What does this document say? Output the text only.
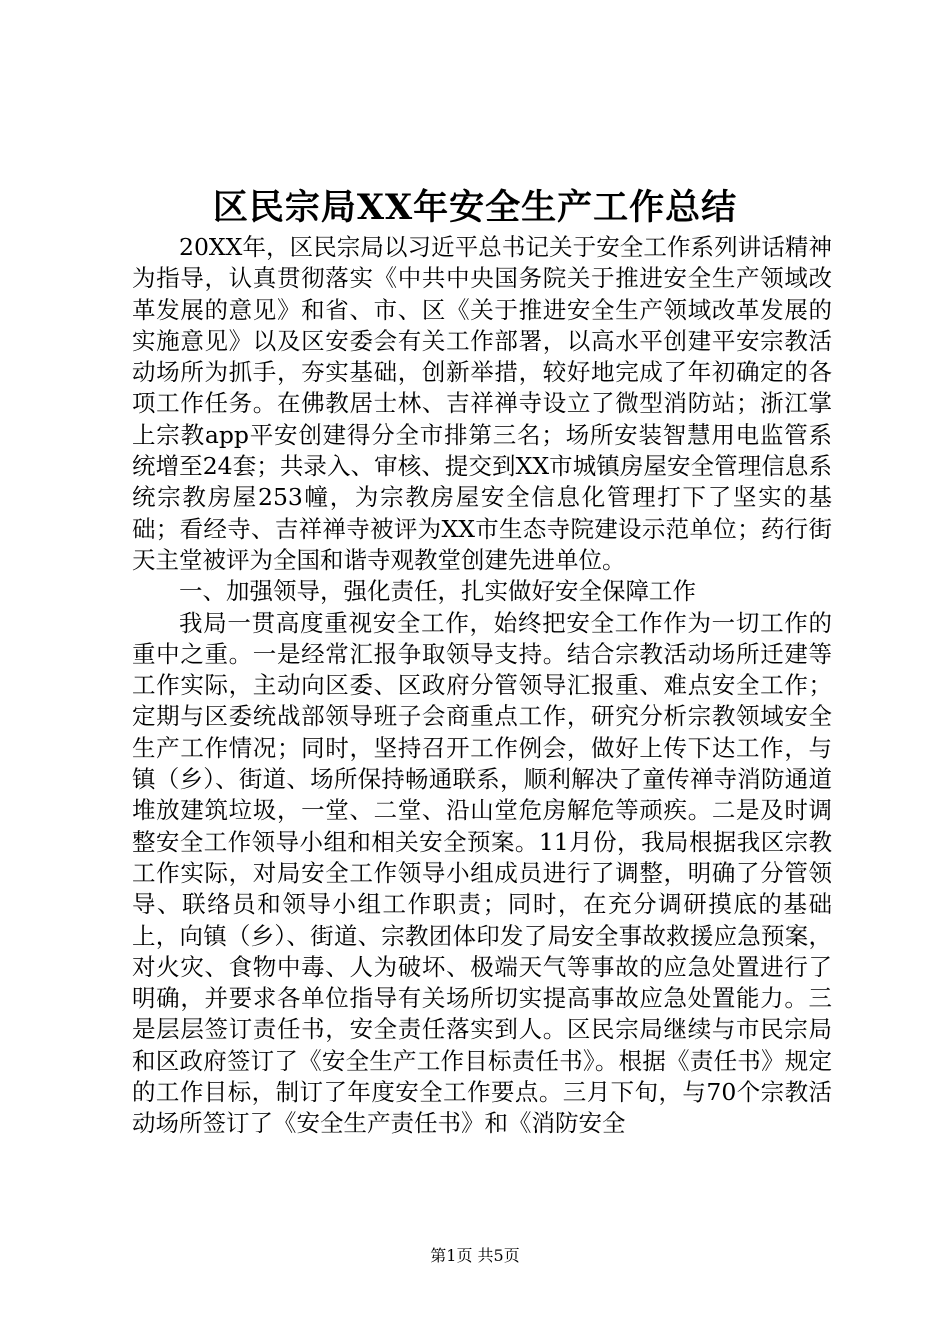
区民宗局XX年安全生产工作总结

20XX年，区民宗局以习近平总书记关于安全工作系列讲话精神为指导，认真贯彻落实《中共中央国务院关于推进安全生产领域改革发展的意见》和省、市、区《关于推进安全生产领域改革发展的实施意见》以及区安委会有关工作部署，以高水平创建平安宗教活动场所为抓手，夯实基础，创新举措，较好地完成了年初确定的各项工作任务。在佛教居士林、吉祥禅寺设立了微型消防站；浙江掌上宗教app平安创建得分全市排第三名；场所安装智慧用电监管系统增至24套；共录入、审核、提交到XX市城镇房屋安全管理信息系统宗教房屋253幢，为宗教房屋安全信息化管理打下了坚实的基础；看经寺、吉祥禅寺被评为XX市生态寺院建设示范单位；药行街天主堂被评为全国和谐寺观教堂创建先进单位。

一、加强领导，强化责任，扎实做好安全保障工作

我局一贯高度重视安全工作，始终把安全工作作为一切工作的重中之重。一是经常汇报争取领导支持。结合宗教活动场所迁建等工作实际，主动向区委、区政府分管领导汇报重、难点安全工作；定期与区委统战部领导班子会商重点工作，研究分析宗教领域安全生产工作情况；同时，坚持召开工作例会，做好上传下达工作，与镇（乡）、街道、场所保持畅通联系，顺利解决了童传禅寺消防通道堆放建筑垃圾，一堂、二堂、沿山堂危房解危等顽疾。二是及时调整安全工作领导小组和相关安全预案。11月份，我局根据我区宗教工作实际，对局安全工作领导小组成员进行了调整，明确了分管领导、联络员和领导小组工作职责；同时，在充分调研摸底的基础上，向镇（乡）、街道、宗教团体印发了局安全事故救援应急预案，对火灾、食物中毒、人为破坏、极端天气等事故的应急处置进行了明确，并要求各单位指导有关场所切实提高事故应急处置能力。三是层层签订责任书，安全责任落实到人。区民宗局继续与市民宗局和区政府签订了《安全生产工作目标责任书》。根据《责任书》规定的工作目标，制订了年度安全工作要点。三月下旬，与70个宗教活动场所签订了《安全生产责任书》和《消防安全

第1页 共5页
